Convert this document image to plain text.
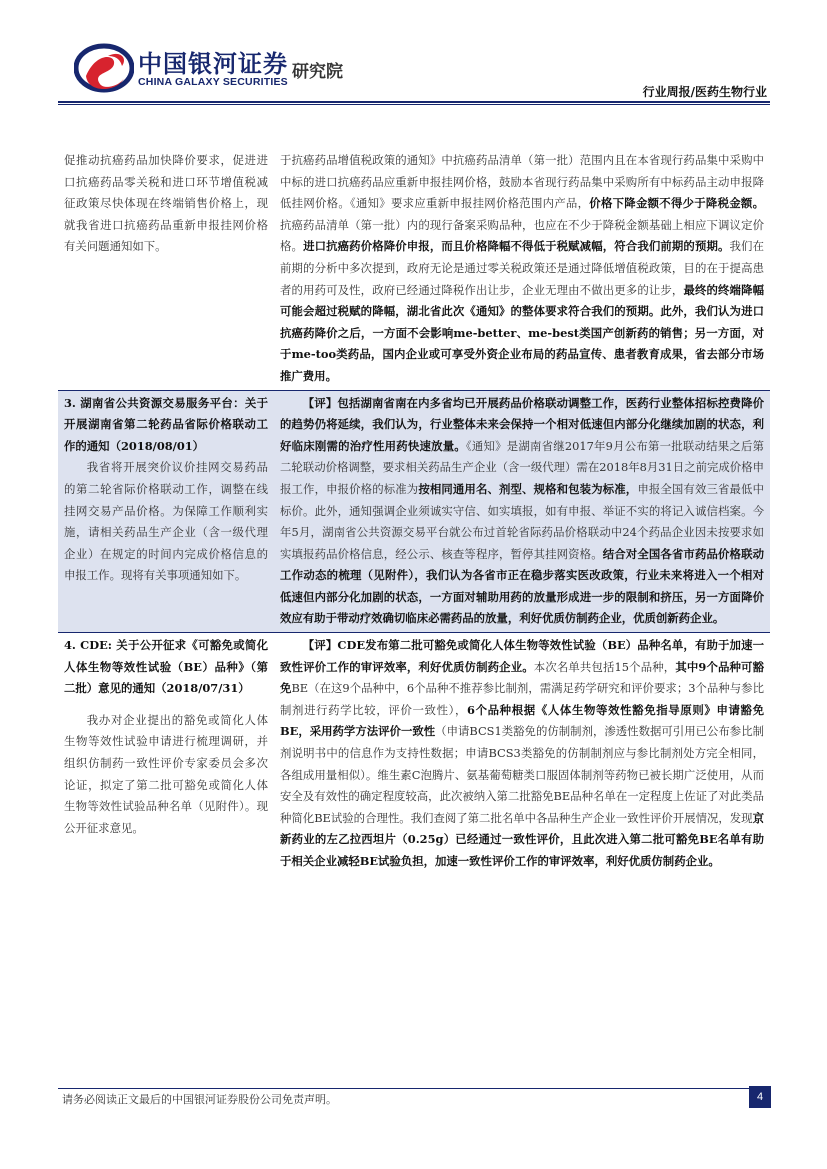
中国银河证券
CHINA GALAXY SECURITIES 研究院
行业周报/医药生物行业

促推动抗癌药品加快降价要求，促进进口抗癌药品零关税和进口环节增值税减征政策尽快体现在终端销售价格上，现就我省进口抗癌药品重新申报挂网价格有关问题通知如下。	于抗癌药品增值税政策的通知》中抗癌药品清单（第一批）范围内且在本省现行药品集中采购中中标的进口抗癌药品应重新申报挂网价格，鼓励本省现行药品集中采购所有中标药品主动申报降低挂网价格。《通知》要求应重新申报挂网价格范围内产品，价格下降金额不得少于降税金额。抗癌药品清单（第一批）内的现行备案采购品种，也应在不少于降税金额基础上相应下调议定价格。进口抗癌药价格降价申报，而且价格降幅不得低于税赋减幅，符合我们前期的预期。我们在前期的分析中多次提到，政府无论是通过零关税政策还是通过降低增值税政策，目的在于提高患者的用药可及性，政府已经通过降税作出让步，企业无理由不做出更多的让步，最终的终端降幅可能会超过税赋的降幅，湖北省此次《通知》的整体要求符合我们的预期。此外，我们认为进口抗癌药降价之后，一方面不会影响me-better、me-best类国产创新药的销售；另一方面，对于me-too类药品，国内企业或可享受外资企业布局的药品宣传、患者教育成果，省去部分市场推广费用。

3. 湖南省公共资源交易服务平台：关于开展湖南省第二轮药品省际价格联动工作的通知（2018/08/01）

我省将开展突价议价挂网交易药品的第二轮省际价格联动工作，调整在线挂网交易产品价格。为保障工作顺利实施，请相关药品生产企业（含一级代理企业）在规定的时间内完成价格信息的申报工作。现将有关事项通知如下。	【评】包括湖南省南在内多省均已开展药品价格联动调整工作，医药行业整体招标控费降价的趋势仍将延续，我们认为，行业整体未来会保持一个相对低速但内部分化继续加剧的状态，利好临床刚需的治疗性用药快速放量。《通知》是湖南省继2017年9月公布第一批联动结果之后第二轮联动价格调整，要求相关药品生产企业（含一级代理）需在2018年8月31日之前完成价格申报工作，申报价格的标准为按相同通用名、剂型、规格和包装为标准，申报全国有效三省最低中标价。此外，通知强调企业须诚实守信、如实填报，如有申报、举证不实的将记入诚信档案。今年5月，湖南省公共资源交易平台就公布过首轮省际药品价格联动中24个药品企业因未按要求如实填报药品价格信息，经公示、核查等程序，暂停其挂网资格。结合对全国各省市药品价格联动工作动态的梳理（见附件），我们认为各省市正在稳步落实医改政策，行业未来将进入一个相对低速但内部分化加剧的状态，一方面对辅助用药的放量形成进一步的限制和挤压，另一方面降价效应有助于带动疗效确切临床必需药品的放量，利好优质仿制药企业，优质创新药企业。

4. CDE: 关于公开征求《可豁免或简化人体生物等效性试验（BE）品种》（第二批）意见的通知（2018/07/31）

我办对企业提出的豁免或简化人体生物等效性试验申请进行梳理调研，并组织仿制药一致性评价专家委员会多次论证，拟定了第二批可豁免或简化人体生物等效性试验品种名单（见附件）。现公开征求意见。	【评】CDE发布第二批可豁免或简化人体生物等效性试验（BE）品种名单，有助于加速一致性评价工作的审评效率，利好优质仿制药企业。本次名单共包括15个品种，其中9个品种可豁免BE（在这9个品种中，6个品种不推荐参比制剂，需满足药学研究和评价要求；3个品种与参比制剂进行药学比较，评价一致性），6个品种根据《人体生物等效性豁免指导原则》申请豁免BE，采用药学方法评价一致性（申请BCS1类豁免的仿制制剂，渗透性数据可引用已公布参比制剂说明书中的信息作为支持性数据；申请BCS3类豁免的仿制制剂应与参比制剂处方完全相同，各组成用量相似）。维生素C泡腾片、氨基葡萄糖类口服固体制剂等药物已被长期广泛使用，从而安全及有效性的确定程度较高，此次被纳入第二批豁免BE品种名单在一定程度上佐证了对此类品种简化BE试验的合理性。我们查阅了第二批名单中各品种生产企业一致性评价开展情况，发现京新药业的左乙拉西坦片（0.25g）已经通过一致性评价，且此次进入第二批可豁免BE名单有助于相关企业减轻BE试验负担，加速一致性评价工作的审评效率，利好优质仿制药企业。

请务必阅读正文最后的中国银河证券股份公司免责声明。	4
